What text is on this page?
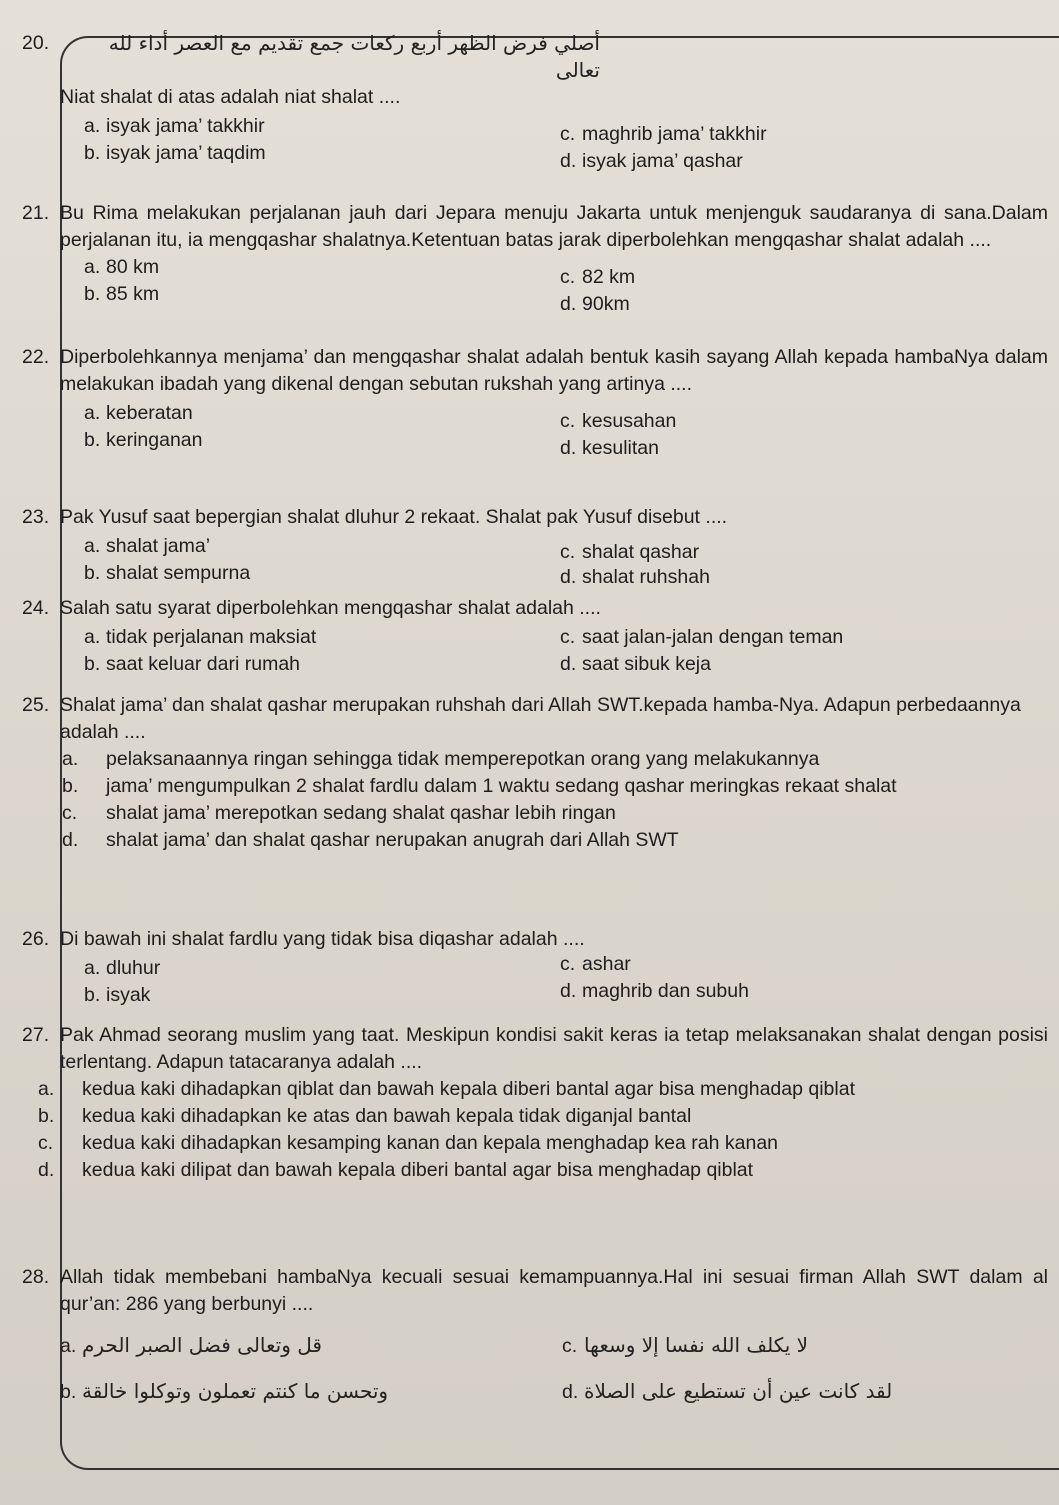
20.	أصلي فرض الظهر أربع ركعات جمع تقديم مع العصر أداء لله تعالى
Niat shalat di atas adalah niat shalat ....
a. isyak jama’ takkhir	c. maghrib jama’ takkhir
b. isyak jama’ taqdim	d. isyak jama’ qashar
21. Bu Rima melakukan perjalanan jauh dari Jepara menuju Jakarta untuk menjenguk saudaranya di sana.Dalam perjalanan itu, ia mengqashar shalatnya.Ketentuan batas jarak diperbolehkan mengqashar shalat adalah ....
a. 80 km	c. 82 km
b. 85 km	d. 90km
22. Diperbolehkannya menjama’ dan mengqashar shalat adalah bentuk kasih sayang Allah kepada hambaNya dalam melakukan ibadah yang dikenal dengan sebutan rukshah yang artinya ....
a. keberatan	c. kesusahan
b. keringanan	d. kesulitan
23. Pak Yusuf saat bepergian shalat dluhur 2 rekaat. Shalat pak Yusuf disebut ....
a. shalat jama’	c. shalat qashar
b. shalat sempurna	d. shalat ruhshah
24. Salah satu syarat diperbolehkan mengqashar shalat adalah ....
a. tidak perjalanan maksiat	c. saat jalan-jalan dengan teman
b. saat keluar dari rumah	d. saat sibuk keja
25. Shalat jama’ dan shalat qashar merupakan ruhshah dari Allah SWT.kepada hamba-Nya. Adapun perbedaannya adalah ....
a. pelaksanaannya ringan sehingga tidak memperepotkan orang yang melakukannya
b. jama’ mengumpulkan 2 shalat fardlu dalam 1 waktu sedang qashar meringkas rekaat shalat
c. shalat jama’ merepotkan sedang shalat qashar lebih ringan
d. shalat jama’ dan shalat qashar nerupakan anugrah dari Allah SWT
26. Di bawah ini shalat fardlu yang tidak bisa diqashar adalah ....
a. dluhur	c. ashar
b. isyak	d. maghrib dan subuh
27. Pak Ahmad seorang muslim yang taat. Meskipun kondisi sakit keras ia tetap melaksanakan shalat dengan posisi terlentang. Adapun tatacaranya adalah ....
a. kedua kaki dihadapkan qiblat dan bawah kepala diberi bantal agar bisa menghadap qiblat
b. kedua kaki dihadapkan ke atas dan bawah kepala tidak diganjal bantal
c. kedua kaki dihadapkan kesamping kanan dan kepala menghadap kea rah kanan
d. kedua kaki dilipat dan bawah kepala diberi bantal agar bisa menghadap qiblat
28. Allah tidak membebani hambaNya kecuali sesuai kemampuannya.Hal ini sesuai firman Allah SWT dalam al qur’an: 286 yang berbunyi ....
a. قل وتعالى فضل الصبر الحرم	c. لا يكلف الله نفسا إلا وسعها
b. وتحسن ما كنتم تعملون وتوكلوا خالقة	d. لقد كانت عين أن تستطيع على الصلاة
